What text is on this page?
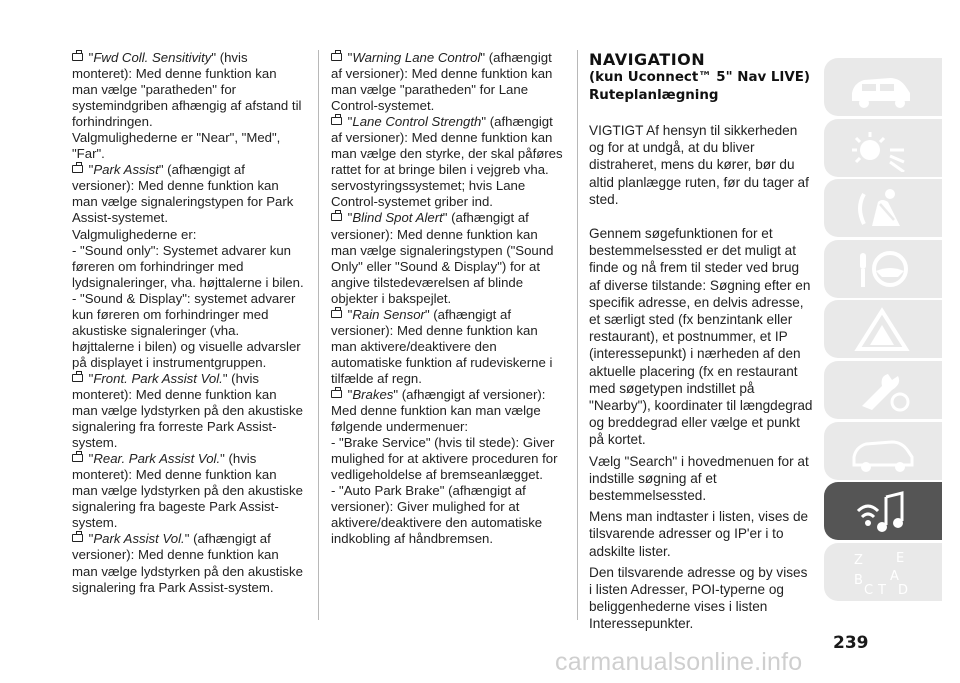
"Fwd Coll. Sensitivity" (hvis monteret): Med denne funktion kan man vælge "paratheden" for systemindgriben afhængig af afstand til forhindringen.

Valgmulighederne er "Near", "Med", "Far".

"Park Assist" (afhængigt af versioner): Med denne funktion kan man vælge signaleringstypen for Park Assist-systemet.

Valgmulighederne er:

- "Sound only": Systemet advarer kun føreren om forhindringer med lydsignaleringer, vha. højttalerne i bilen.

- "Sound & Display": systemet advarer kun føreren om forhindringer med akustiske signaleringer (vha. højttalerne i bilen) og visuelle advarsler på displayet i instrumentgruppen.

"Front. Park Assist Vol." (hvis monteret): Med denne funktion kan man vælge lydstyrken på den akustiske signalering fra forreste Park Assist-system.

"Rear. Park Assist Vol." (hvis monteret): Med denne funktion kan man vælge lydstyrken på den akustiske signalering fra bageste Park Assist-system.

"Park Assist Vol." (afhængigt af versioner): Med denne funktion kan man vælge lydstyrken på den akustiske signalering fra Park Assist-system.

"Warning Lane Control" (afhængigt af versioner): Med denne funktion kan man vælge "paratheden" for Lane Control-systemet.

"Lane Control Strength" (afhængigt af versioner): Med denne funktion kan man vælge den styrke, der skal påføres rattet for at bringe bilen i vejgreb vha. servostyringssystemet; hvis Lane Control-systemet griber ind.

"Blind Spot Alert" (afhængigt af versioner): Med denne funktion kan man vælge signaleringstypen ("Sound Only" eller "Sound & Display") for at angive tilstedeværelsen af blinde objekter i bakspejlet.

"Rain Sensor" (afhængigt af versioner): Med denne funktion kan man aktivere/deaktivere den automatiske funktion af rudeviskerne i tilfælde af regn.

"Brakes" (afhængigt af versioner): Med denne funktion kan man vælge følgende undermenuer:

- "Brake Service" (hvis til stede): Giver mulighed for at aktivere proceduren for vedligeholdelse af bremseanlægget.

- "Auto Park Brake" (afhængigt af versioner): Giver mulighed for at aktivere/deaktivere den automatiske indkobling af håndbremsen.

NAVIGATION

(kun Uconnect™ 5" Nav LIVE)

Ruteplanlægning

VIGTIGT Af hensyn til sikkerheden og for at undgå, at du bliver distraheret, mens du kører, bør du altid planlægge ruten, før du tager af sted.

Gennem søgefunktionen for et bestemmelsessted er det muligt at finde og nå frem til steder ved brug af diverse tilstande: Søgning efter en specifik adresse, en delvis adresse, et særligt sted (fx benzintank eller restaurant), et postnummer, et IP (interessepunkt) i nærheden af den aktuelle placering (fx en restaurant med søgetypen indstillet på "Nearby"), koordinater til længdegrad og breddegrad eller vælge et punkt på kortet.

Vælg "Search" i hovedmenuen for at indstille søgning af et bestemmelsessted.

Mens man indtaster i listen, vises de tilsvarende adresser og IP'er i to adskilte lister.

Den tilsvarende adresse og by vises i listen Adresser, POI-typerne og beliggenhederne vises i listen Interessepunkter.

Z	E
B A
C T D
239
carmanualsonline.info
